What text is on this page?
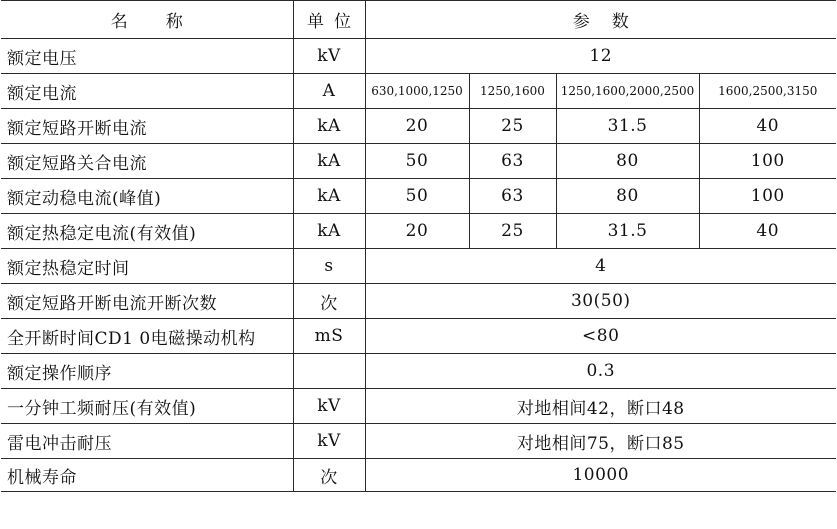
名称	单位	参数			
额定电压	kV	12			
额定电流	A	630,1000,1250	1250,1600	1250,1600,2000,2500	1600,2500,3150
额定短路开断电流	kA	20	25	31.5	40
额定短路关合电流	kA	50	63	80	100
额定动稳电流(峰值)	kA	50	63	80	100
额定热稳定电流(有效值)	kA	20	25	31.5	40
额定热稳定时间	s	4			
额定短路开断电流开断次数	次	30(50)			
全开断时间CD1 0电磁操动机构	mS	<80			
额定操作顺序		0.3			
一分钟工频耐压(有效值)	kV	对地相间42，断口48			
雷电冲击耐压	kV	对地相间75，断口85			
机械寿命	次	10000			
